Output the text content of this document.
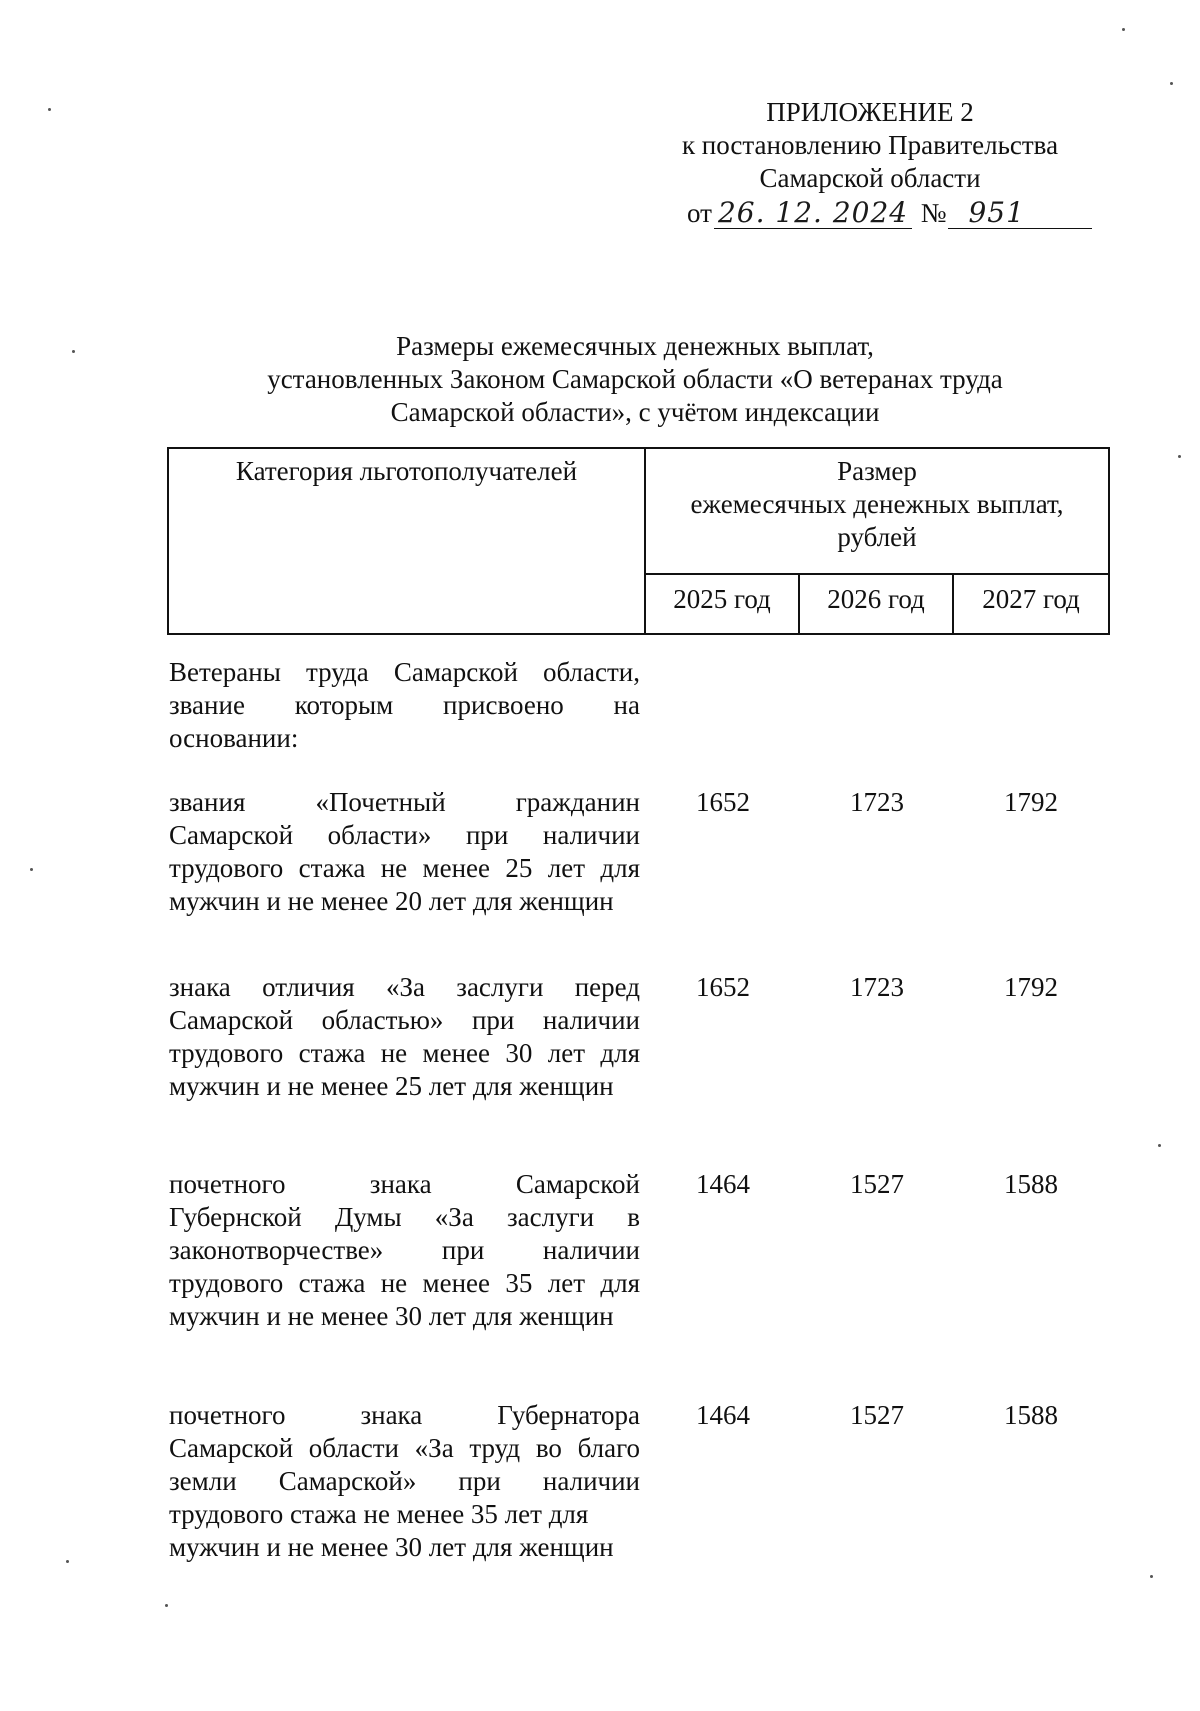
ПРИЛОЖЕНИЕ 2
к постановлению Правительства
Самарской области
от 26. 12. 2024 № 951
Размеры ежемесячных денежных выплат,
установленных Законом Самарской области «О ветеранах труда
Самарской области», с учётом индексации
Категория льготополучателей	Размер
ежемесячных денежных выплат,
рублей
2025 год	2026 год	2027 год
Ветераны труда Самарской области,
звание которым присвоено на
основании:
звания «Почетный гражданин
Самарской области» при наличии
трудового стажа не менее 25 лет для
мужчин и не менее 20 лет для женщин
1652	1723	1792
знака отличия «За заслуги перед
Самарской областью» при наличии
трудового стажа не менее 30 лет для
мужчин и не менее 25 лет для женщин
1652	1723	1792
почетного знака Самарской
Губернской Думы «За заслуги в
законотворчестве» при наличии
трудового стажа не менее 35 лет для
мужчин и не менее 30 лет для женщин
1464	1527	1588
почетного знака Губернатора
Самарской области «За труд во благо
земли Самарской» при наличии
трудового стажа не менее 35 лет для
мужчин и не менее 30 лет для женщин
1464	1527	1588
